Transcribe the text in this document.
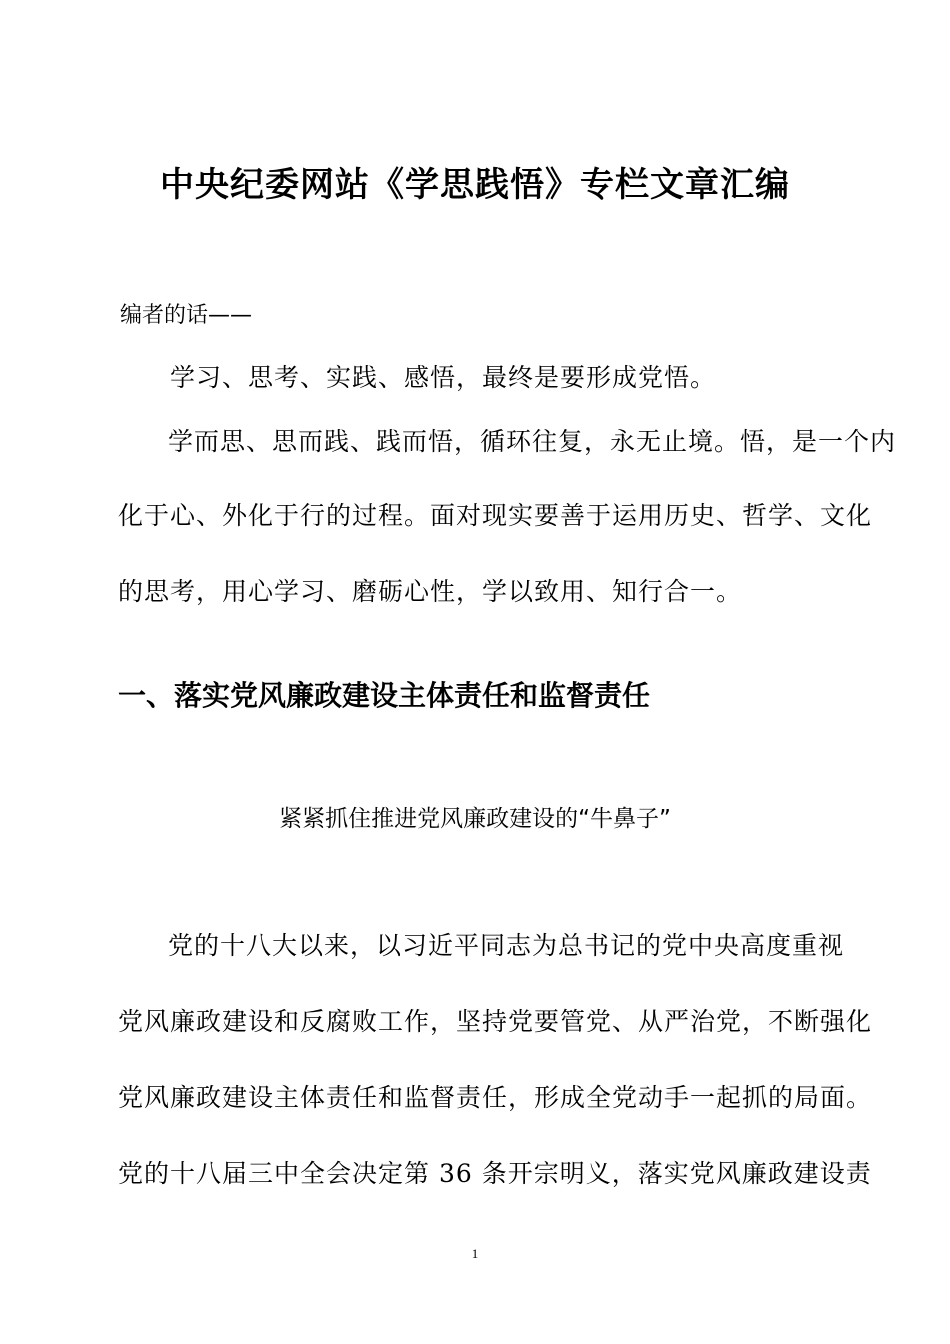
中央纪委网站《学思践悟》专栏文章汇编
编者的话——
学习、思考、实践、感悟，最终是要形成党悟。
学而思、思而践、践而悟，循环往复，永无止境。悟，是一个内
化于心、外化于行的过程。面对现实要善于运用历史、哲学、文化
的思考，用心学习、磨砺心性，学以致用、知行合一。
一、落实党风廉政建设主体责任和监督责任
紧紧抓住推进党风廉政建设的“牛鼻子”
党的十八大以来，以习近平同志为总书记的党中央高度重视
党风廉政建设和反腐败工作，坚持党要管党、从严治党，不断强化
党风廉政建设主体责任和监督责任，形成全党动手一起抓的局面。
党的十八届三中全会决定第 36 条开宗明义，落实党风廉政建设责
1
